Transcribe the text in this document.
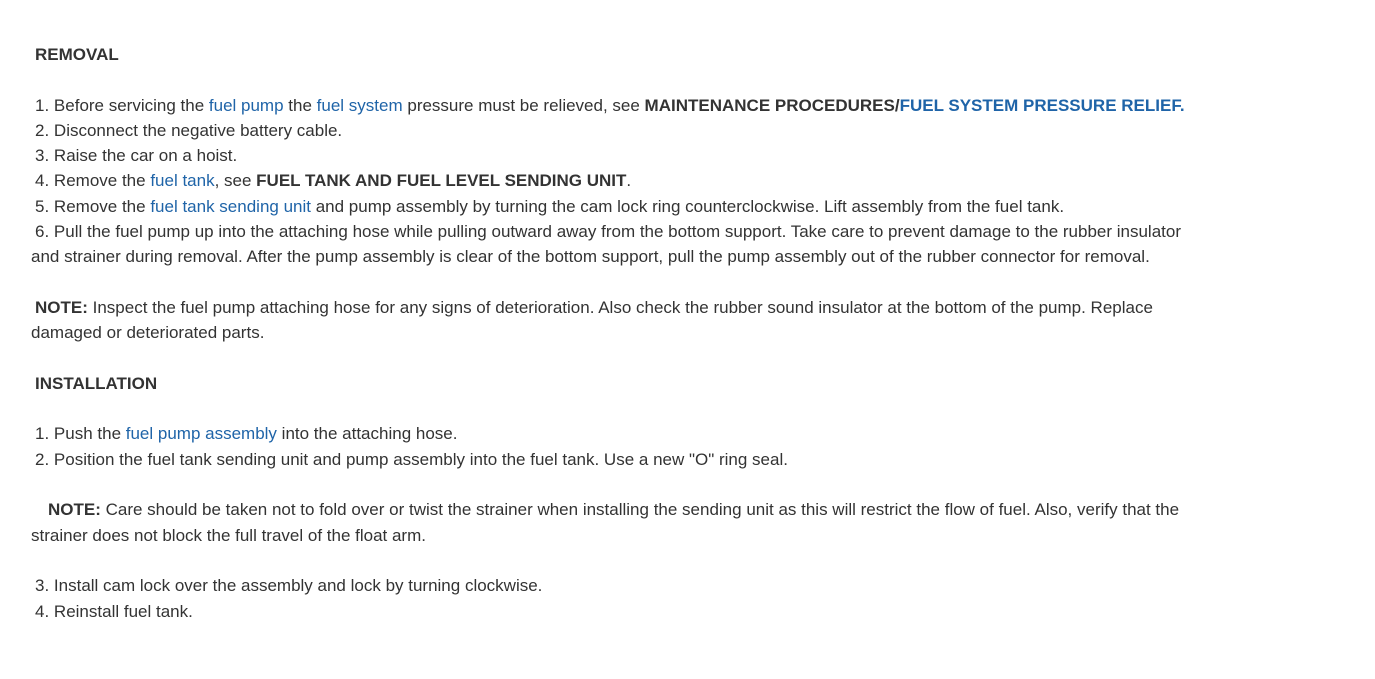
REMOVAL
1. Before servicing the fuel pump the fuel system pressure must be relieved, see MAINTENANCE PROCEDURES/FUEL SYSTEM PRESSURE RELIEF.
2. Disconnect the negative battery cable.
3. Raise the car on a hoist.
4. Remove the fuel tank, see FUEL TANK AND FUEL LEVEL SENDING UNIT.
5. Remove the fuel tank sending unit and pump assembly by turning the cam lock ring counterclockwise. Lift assembly from the fuel tank.
6. Pull the fuel pump up into the attaching hose while pulling outward away from the bottom support. Take care to prevent damage to the rubber insulator
and strainer during removal. After the pump assembly is clear of the bottom support, pull the pump assembly out of the rubber connector for removal.
NOTE: Inspect the fuel pump attaching hose for any signs of deterioration. Also check the rubber sound insulator at the bottom of the pump. Replace
damaged or deteriorated parts.
INSTALLATION
1. Push the fuel pump assembly into the attaching hose.
2. Position the fuel tank sending unit and pump assembly into the fuel tank. Use a new "O" ring seal.
NOTE: Care should be taken not to fold over or twist the strainer when installing the sending unit as this will restrict the flow of fuel. Also, verify that the
strainer does not block the full travel of the float arm.
3. Install cam lock over the assembly and lock by turning clockwise.
4. Reinstall fuel tank.
